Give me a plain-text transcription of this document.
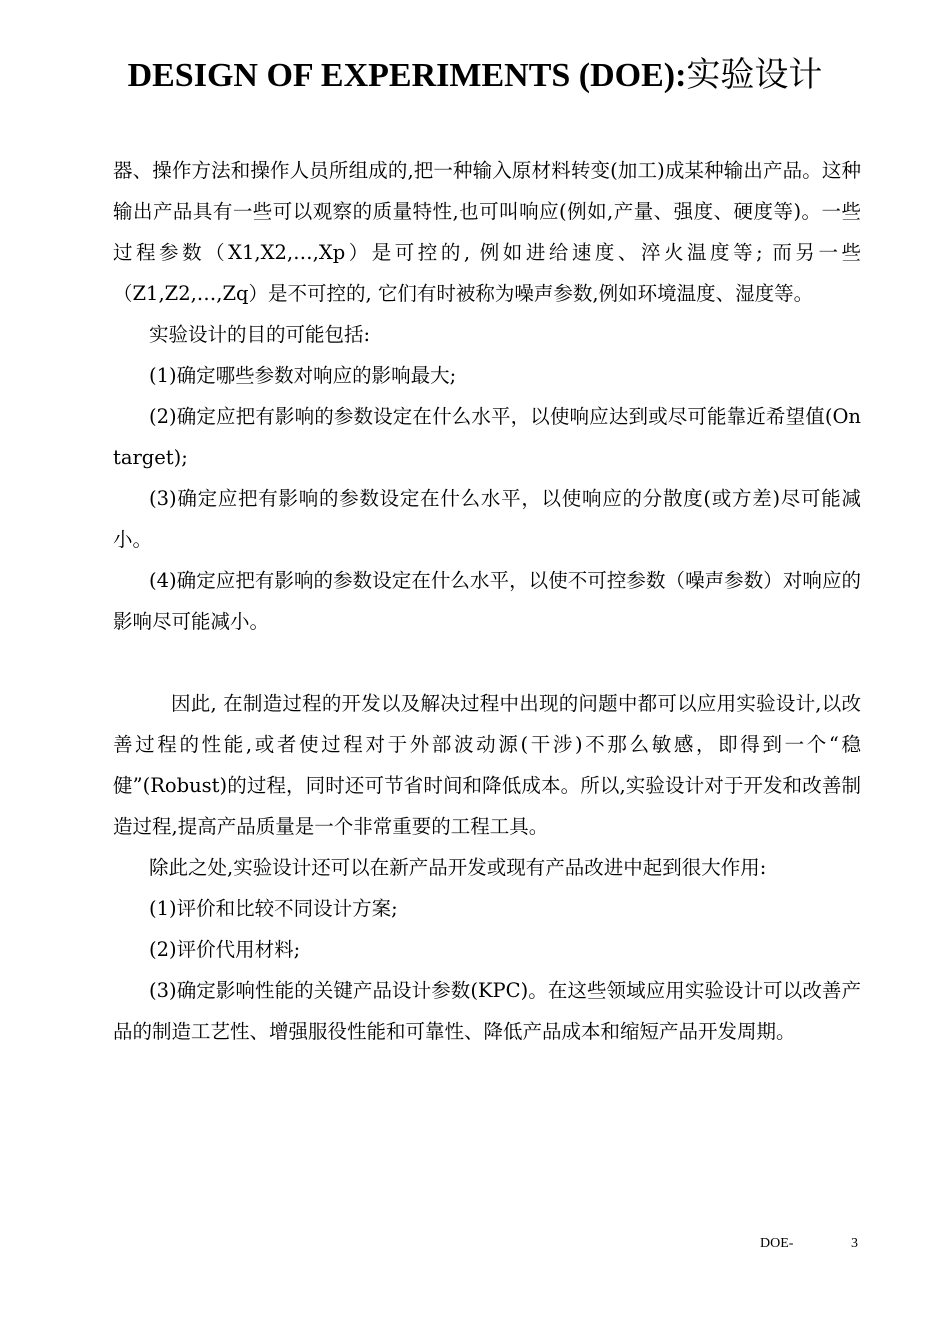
DESIGN OF EXPERIMENTS (DOE):实验设计

器、操作方法和操作人员所组成的,把一种输入原材料转变(加工)成某种输出产品。这种输出产品具有一些可以观察的质量特性,也可叫响应(例如,产量、强度、硬度等)。一些过程参数（X1,X2,…,Xp）是可控的, 例如进给速度、淬火温度等; 而另一些（Z1,Z2,…,Zq）是不可控的, 它们有时被称为噪声参数,例如环境温度、湿度等。

实验设计的目的可能包括:

(1)确定哪些参数对响应的影响最大;

(2)确定应把有影响的参数设定在什么水平，以使响应达到或尽可能靠近希望值(On target);

(3)确定应把有影响的参数设定在什么水平，以使响应的分散度(或方差)尽可能减小。

(4)确定应把有影响的参数设定在什么水平，以使不可控参数（噪声参数）对响应的影响尽可能减小。

因此, 在制造过程的开发以及解决过程中出现的问题中都可以应用实验设计,以改善过程的性能,或者使过程对于外部波动源(干涉)不那么敏感，即得到一个“稳健”(Robust)的过程，同时还可节省时间和降低成本。所以,实验设计对于开发和改善制造过程,提高产品质量是一个非常重要的工程工具。

除此之处,实验设计还可以在新产品开发或现有产品改进中起到很大作用:

(1)评价和比较不同设计方案;

(2)评价代用材料;

(3)确定影响性能的关键产品设计参数(KPC)。在这些领域应用实验设计可以改善产品的制造工艺性、增强服役性能和可靠性、降低产品成本和缩短产品开发周期。

DOE-	3
